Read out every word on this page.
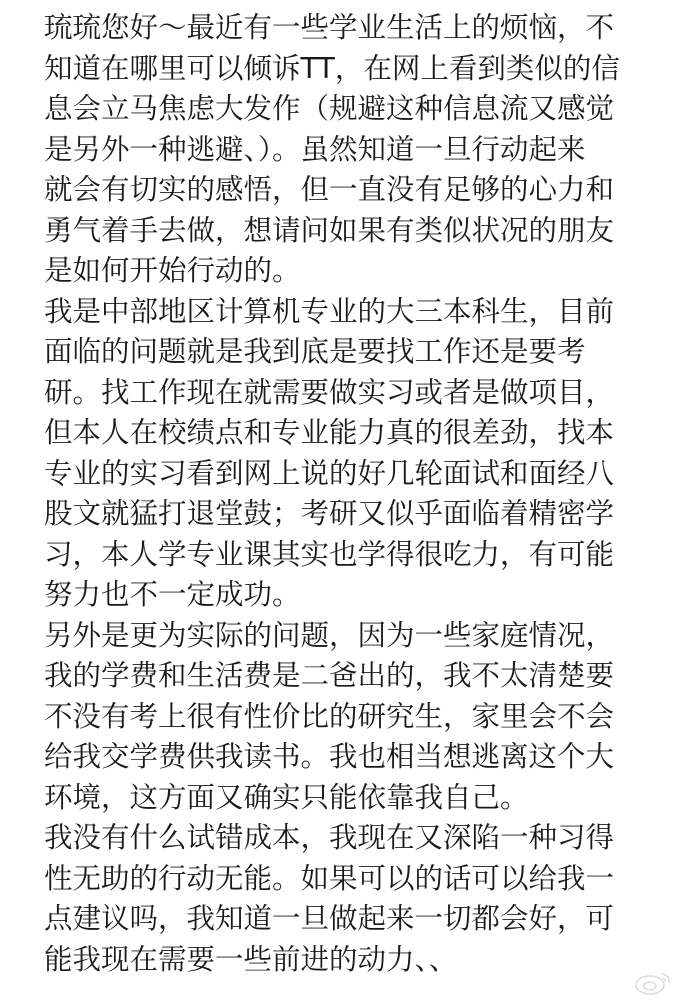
琉琉您好～最近有一些学业生活上的烦恼，不
知道在哪里可以倾诉TT，在网上看到类似的信
息会立马焦虑大发作（规避这种信息流又感觉
是另外一种逃避、）。虽然知道一旦行动起来
就会有切实的感悟，但一直没有足够的心力和
勇气着手去做，想请问如果有类似状况的朋友
是如何开始行动的。
我是中部地区计算机专业的大三本科生，目前
面临的问题就是我到底是要找工作还是要考
研。找工作现在就需要做实习或者是做项目，
但本人在校绩点和专业能力真的很差劲，找本
专业的实习看到网上说的好几轮面试和面经八
股文就猛打退堂鼓；考研又似乎面临着精密学
习，本人学专业课其实也学得很吃力，有可能
努力也不一定成功。
另外是更为实际的问题，因为一些家庭情况，
我的学费和生活费是二爸出的，我不太清楚要
不没有考上很有性价比的研究生，家里会不会
给我交学费供我读书。我也相当想逃离这个大
环境，这方面又确实只能依靠我自己。
我没有什么试错成本，我现在又深陷一种习得
性无助的行动无能。如果可以的话可以给我一
点建议吗，我知道一旦做起来一切都会好，可
能我现在需要一些前进的动力、、
